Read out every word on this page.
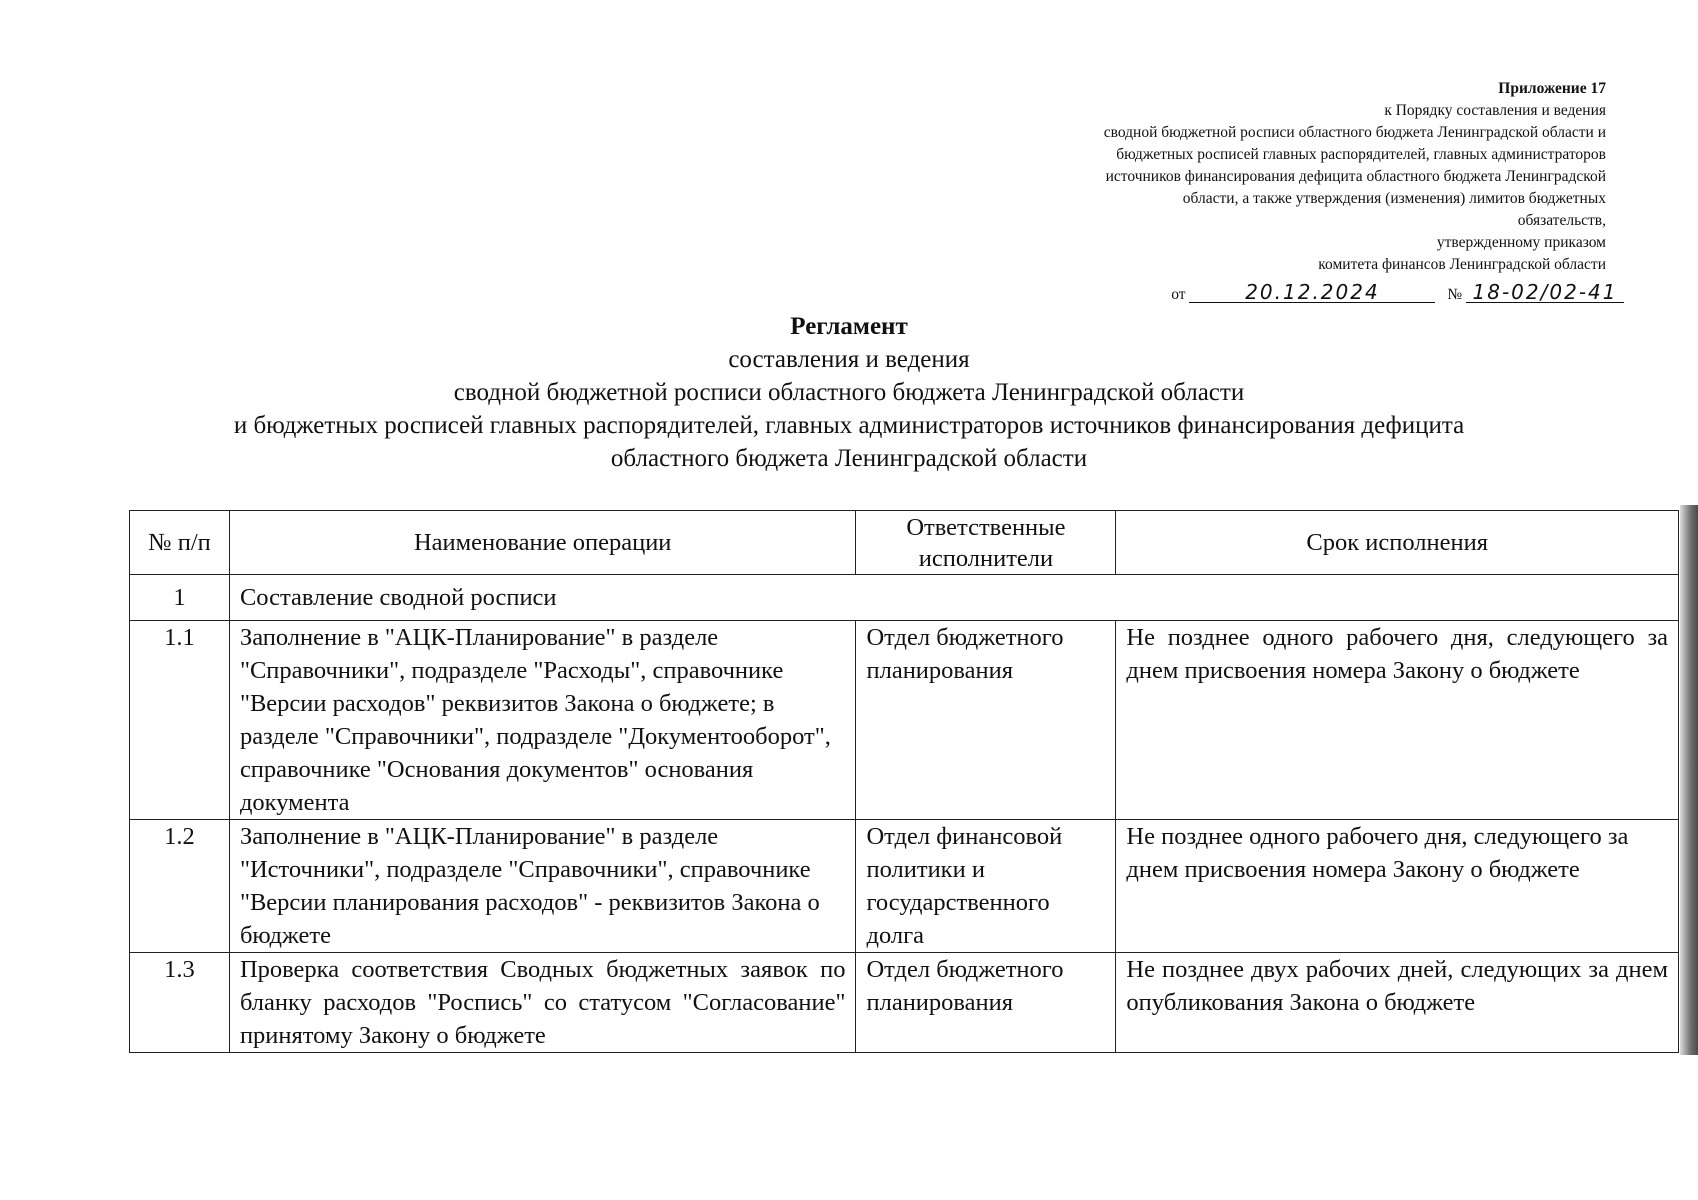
Приложение 17
к Порядку составления и ведения
сводной бюджетной росписи областного бюджета Ленинградской области и
бюджетных росписей главных распорядителей, главных администраторов
источников финансирования дефицита областного бюджета Ленинградской
области, а также утверждения (изменения) лимитов бюджетных
обязательств,
утвержденному приказом
комитета финансов Ленинградской области
от	20.12.2024	№ 18-02/02-41
Регламент
составления и ведения
сводной бюджетной росписи областного бюджета Ленинградской области
и бюджетных росписей главных распорядителей, главных администраторов источников финансирования дефицита
областного бюджета Ленинградской области
№ п/п	Наименование операции	Ответственные исполнители	Срок исполнения
1	Составление сводной росписи		
1.1	Заполнение в "АЦК-Планирование" в разделе "Справочники", подразделе "Расходы", справочнике "Версии расходов" реквизитов Закона о бюджете; в разделе "Справочники", подразделе "Документооборот", справочнике "Основания документов" основания документа	Отдел бюджетного планирования	Не позднее одного рабочего дня, следующего за днем присвоения номера Закону о бюджете
1.2	Заполнение в "АЦК-Планирование" в разделе "Источники", подразделе "Справочники", справочнике "Версии планирования расходов" - реквизитов Закона о бюджете	Отдел финансовой политики и государственного долга	Не позднее одного рабочего дня, следующего за днем присвоения номера Закону о бюджете
1.3	Проверка соответствия Сводных бюджетных заявок по бланку расходов "Роспись" со статусом "Согласование" принятому Закону о бюджете	Отдел бюджетного планирования	Не позднее двух рабочих дней, следующих за днем опубликования Закона о бюджете
